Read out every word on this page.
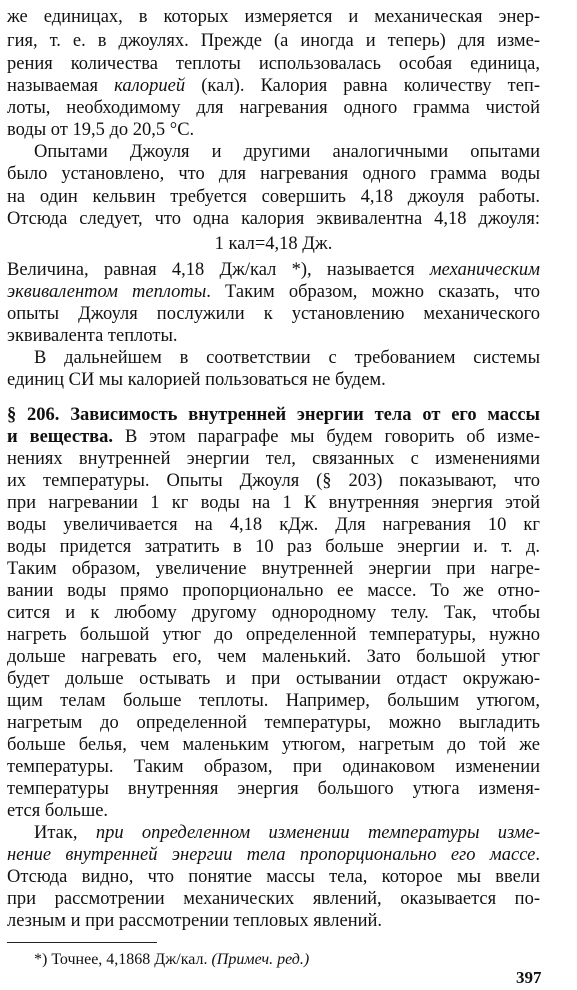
же единицах, в которых измеряется и механическая энер-
гия, т. е. в джоулях. Прежде (а иногда и теперь) для изме-
рения количества теплоты использовалась особая единица,
называемая калорией (кал). Калория равна количеству теп-
лоты, необходимому для нагревания одного грамма чистой
воды от 19,5 до 20,5 °С.
Опытами Джоуля и другими аналогичными опытами
было установлено, что для нагревания одного грамма воды
на один кельвин требуется совершить 4,18 джоуля работы.
Отсюда следует, что одна калория эквивалентна 4,18 джоуля:
1 кал=4,18 Дж.
Величина, равная 4,18 Дж/кал *), называется механическим
эквивалентом теплоты. Таким образом, можно сказать, что
опыты Джоуля послужили к установлению механического
эквивалента теплоты.
В дальнейшем в соответствии с требованием системы
единиц СИ мы калорией пользоваться не будем.
§ 206. Зависимость внутренней энергии тела от его массы
и вещества. В этом параграфе мы будем говорить об изме-
нениях внутренней энергии тел, связанных с изменениями
их температуры. Опыты Джоуля (§ 203) показывают, что
при нагревании 1 кг воды на 1 К внутренняя энергия этой
воды увеличивается на 4,18 кДж. Для нагревания 10 кг
воды придется затратить в 10 раз больше энергии и. т. д.
Таким образом, увеличение внутренней энергии при нагре-
вании воды прямо пропорционально ее массе. То же отно-
сится и к любому другому однородному телу. Так, чтобы
нагреть большой утюг до определенной температуры, нужно
дольше нагревать его, чем маленький. Зато большой утюг
будет дольше остывать и при остывании отдаст окружаю-
щим телам больше теплоты. Например, большим утюгом,
нагретым до определенной температуры, можно выгладить
больше белья, чем маленьким утюгом, нагретым до той же
температуры. Таким образом, при одинаковом изменении
температуры внутренняя энергия большого утюга изменя-
ется больше.
Итак, при определенном изменении температуры изме-
нение внутренней энергии тела пропорционально его массе.
Отсюда видно, что понятие массы тела, которое мы ввели
при рассмотрении механических явлений, оказывается по-
лезным и при рассмотрении тепловых явлений.
*) Точнее, 4,1868 Дж/кал. (Примеч. ред.)
397
